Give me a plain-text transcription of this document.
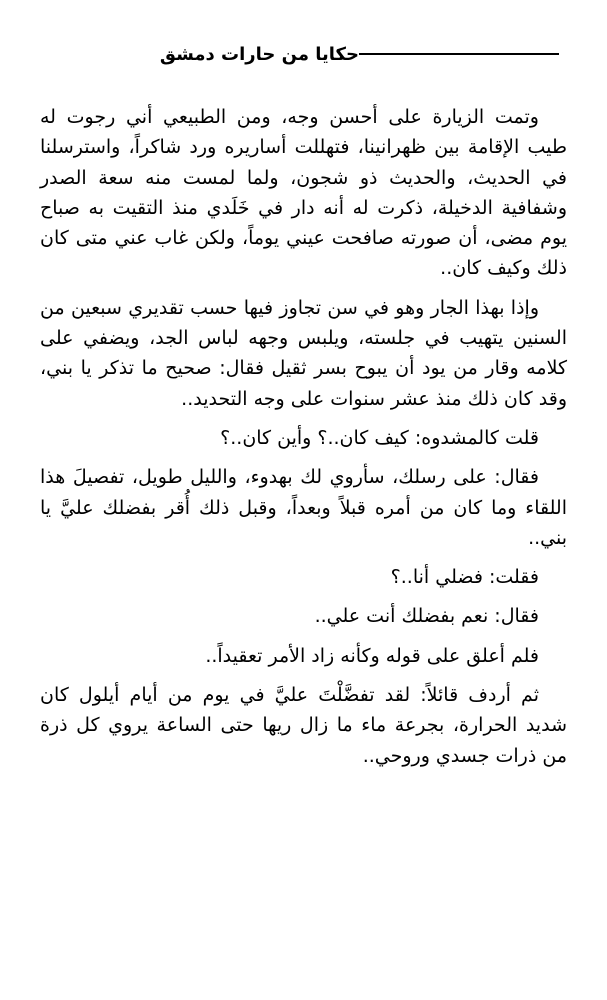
حكايا من حارات دمشق

وتمت الزيارة على أحسن وجه، ومن الطبيعي أني رجوت له طيب الإقامة بين ظهرانينا، فتهللت أساريره ورد شاكراً، واسترسلنا في الحديث، والحديث ذو شجون، ولما لمست منه سعة الصدر وشفافية الدخيلة، ذكرت له أنه دار في خَلَدي منذ التقيت به صباح يوم مضى، أن صورته صافحت عيني يوماً، ولكن غاب عني متى كان ذلك وكيف كان..

وإذا بهذا الجار وهو في سن تجاوز فيها حسب تقديري سبعين من السنين يتهيب في جلسته، ويلبس وجهه لباس الجد، ويضفي على كلامه وقار من يود أن يبوح بسر ثقيل فقال: صحيح ما تذكر يا بني، وقد كان ذلك منذ عشر سنوات على وجه التحديد..

قلت كالمشدوه: كيف كان..؟ وأين كان..؟

فقال: على رسلك، سأروي لك بهدوء، والليل طويل، تفصيلَ هذا اللقاء وما كان من أمره قبلاً وبعداً، وقبل ذلك أُقر بفضلك عليَّ يا بني..

فقلت: فضلي أنا..؟

فقال: نعم بفضلك أنت علي..

فلم أعلق على قوله وكأنه زاد الأمر تعقيداً..

ثم أردف قائلاً: لقد تفضَّلْتَ عليَّ في يوم من أيام أيلول كان شديد الحرارة، بجرعة ماء ما زال ريها حتى الساعة يروي كل ذرة من ذرات جسدي وروحي..
